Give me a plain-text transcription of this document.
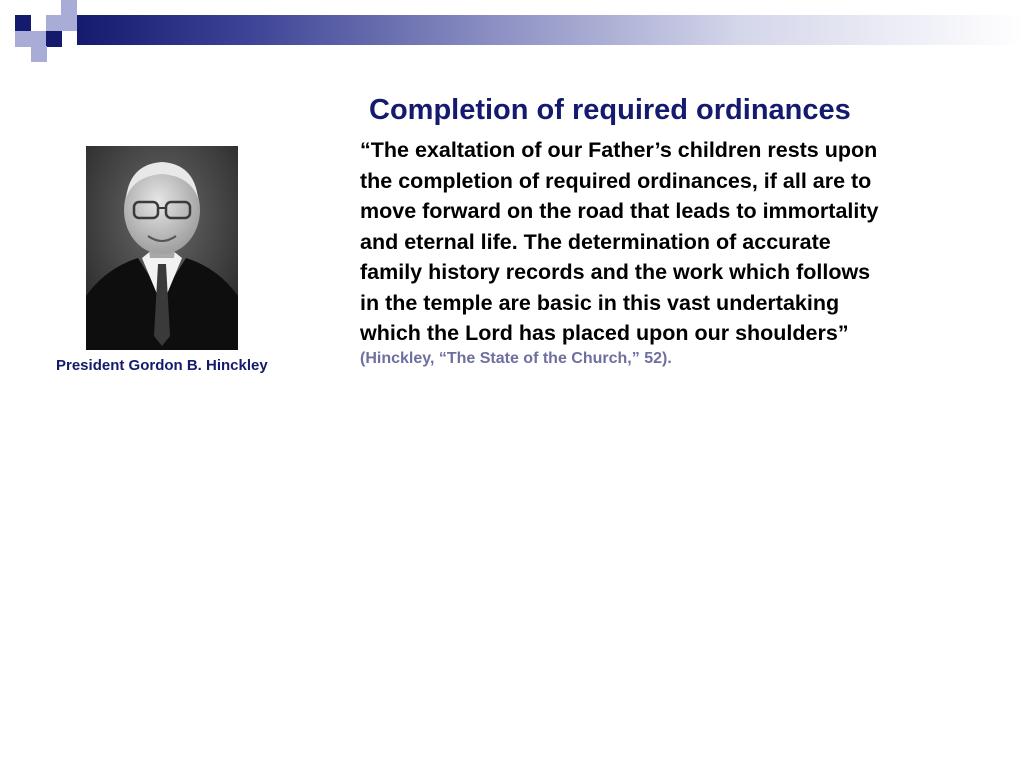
President Gordon B. Hinckley
Completion of required ordinances
“The exaltation of our Father’s children rests upon
the completion of required ordinances, if all are to
move forward on the road that leads to immortality
and eternal life. The determination of accurate
family history records and the work which follows
in the temple are basic in this vast undertaking
which the Lord has placed upon our shoulders”
(Hinckley, “The State of the Church,” 52).
